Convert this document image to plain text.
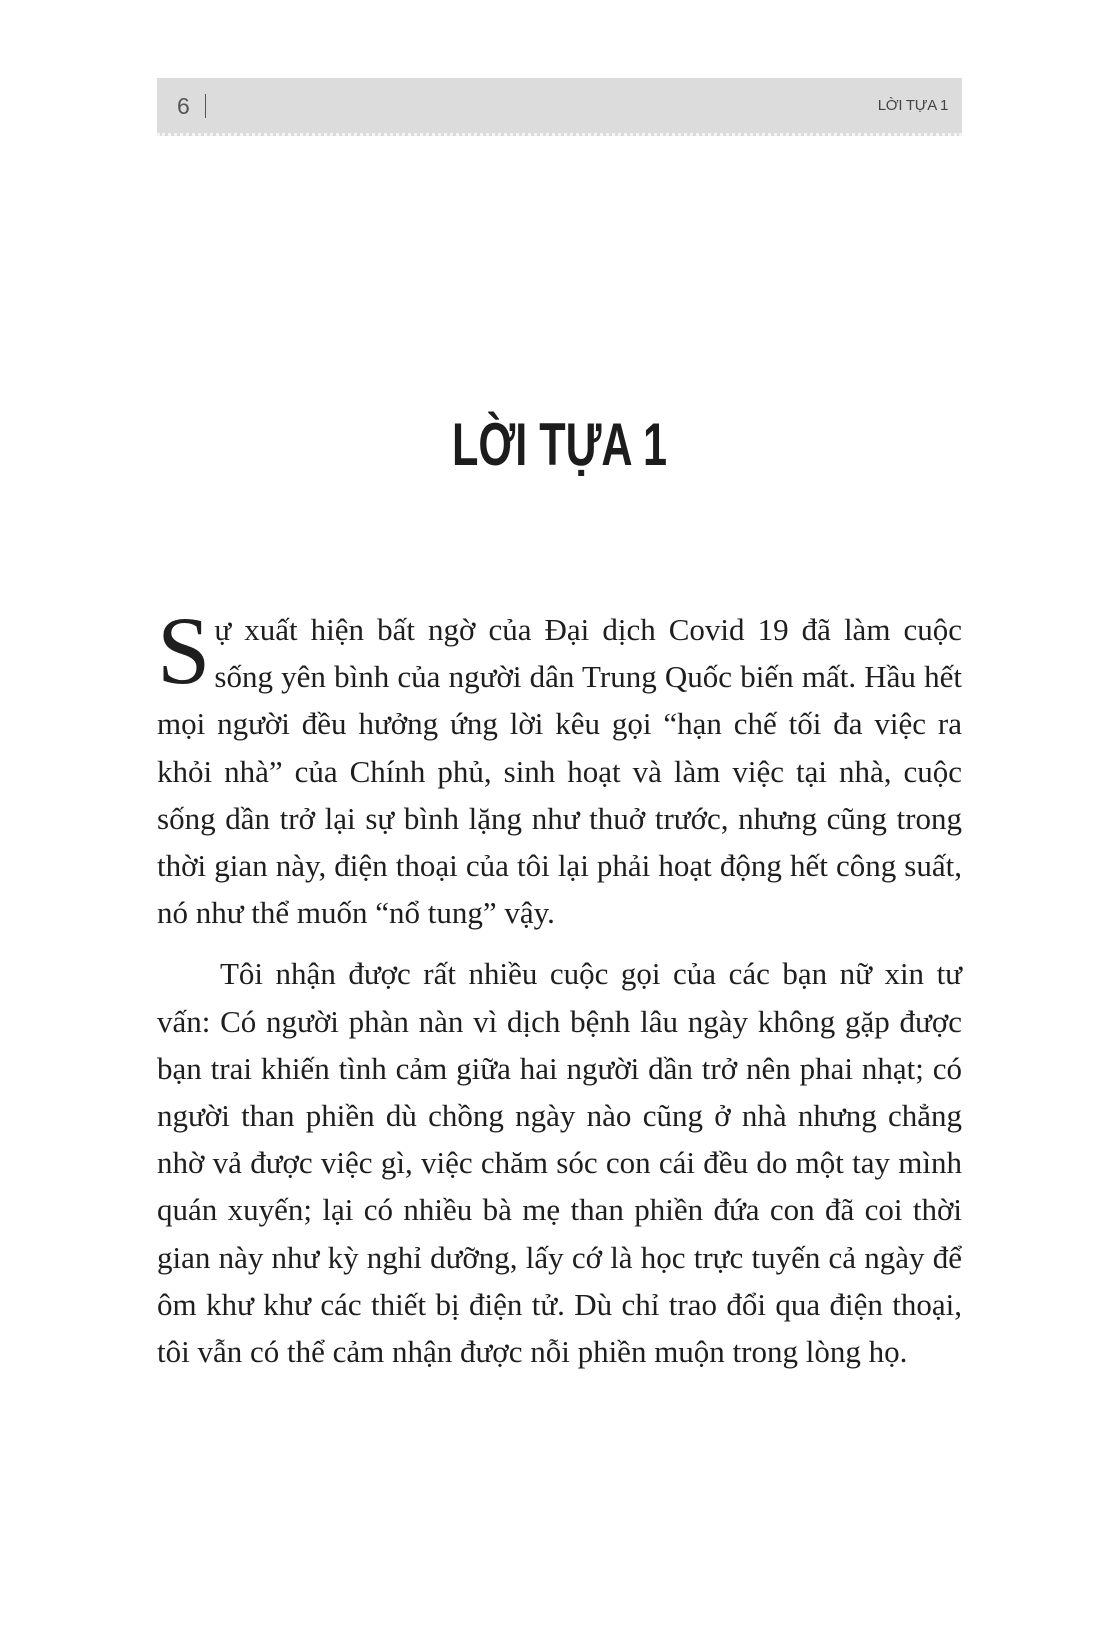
6	LỜI TỰA 1
LỜI TỰA 1

Sự xuất hiện bất ngờ của Đại dịch Covid 19 đã làm cuộc sống yên bình của người dân Trung Quốc biến mất. Hầu hết mọi người đều hưởng ứng lời kêu gọi “hạn chế tối đa việc ra khỏi nhà” của Chính phủ, sinh hoạt và làm việc tại nhà, cuộc sống dần trở lại sự bình lặng như thuở trước, nhưng cũng trong thời gian này, điện thoại của tôi lại phải hoạt động hết công suất, nó như thể muốn “nổ tung” vậy.

Tôi nhận được rất nhiều cuộc gọi của các bạn nữ xin tư vấn: Có người phàn nàn vì dịch bệnh lâu ngày không gặp được bạn trai khiến tình cảm giữa hai người dần trở nên phai nhạt; có người than phiền dù chồng ngày nào cũng ở nhà nhưng chẳng nhờ vả được việc gì, việc chăm sóc con cái đều do một tay mình quán xuyến; lại có nhiều bà mẹ than phiền đứa con đã coi thời gian này như kỳ nghỉ dưỡng, lấy cớ là học trực tuyến cả ngày để ôm khư khư các thiết bị điện tử. Dù chỉ trao đổi qua điện thoại, tôi vẫn có thể cảm nhận được nỗi phiền muộn trong lòng họ.
